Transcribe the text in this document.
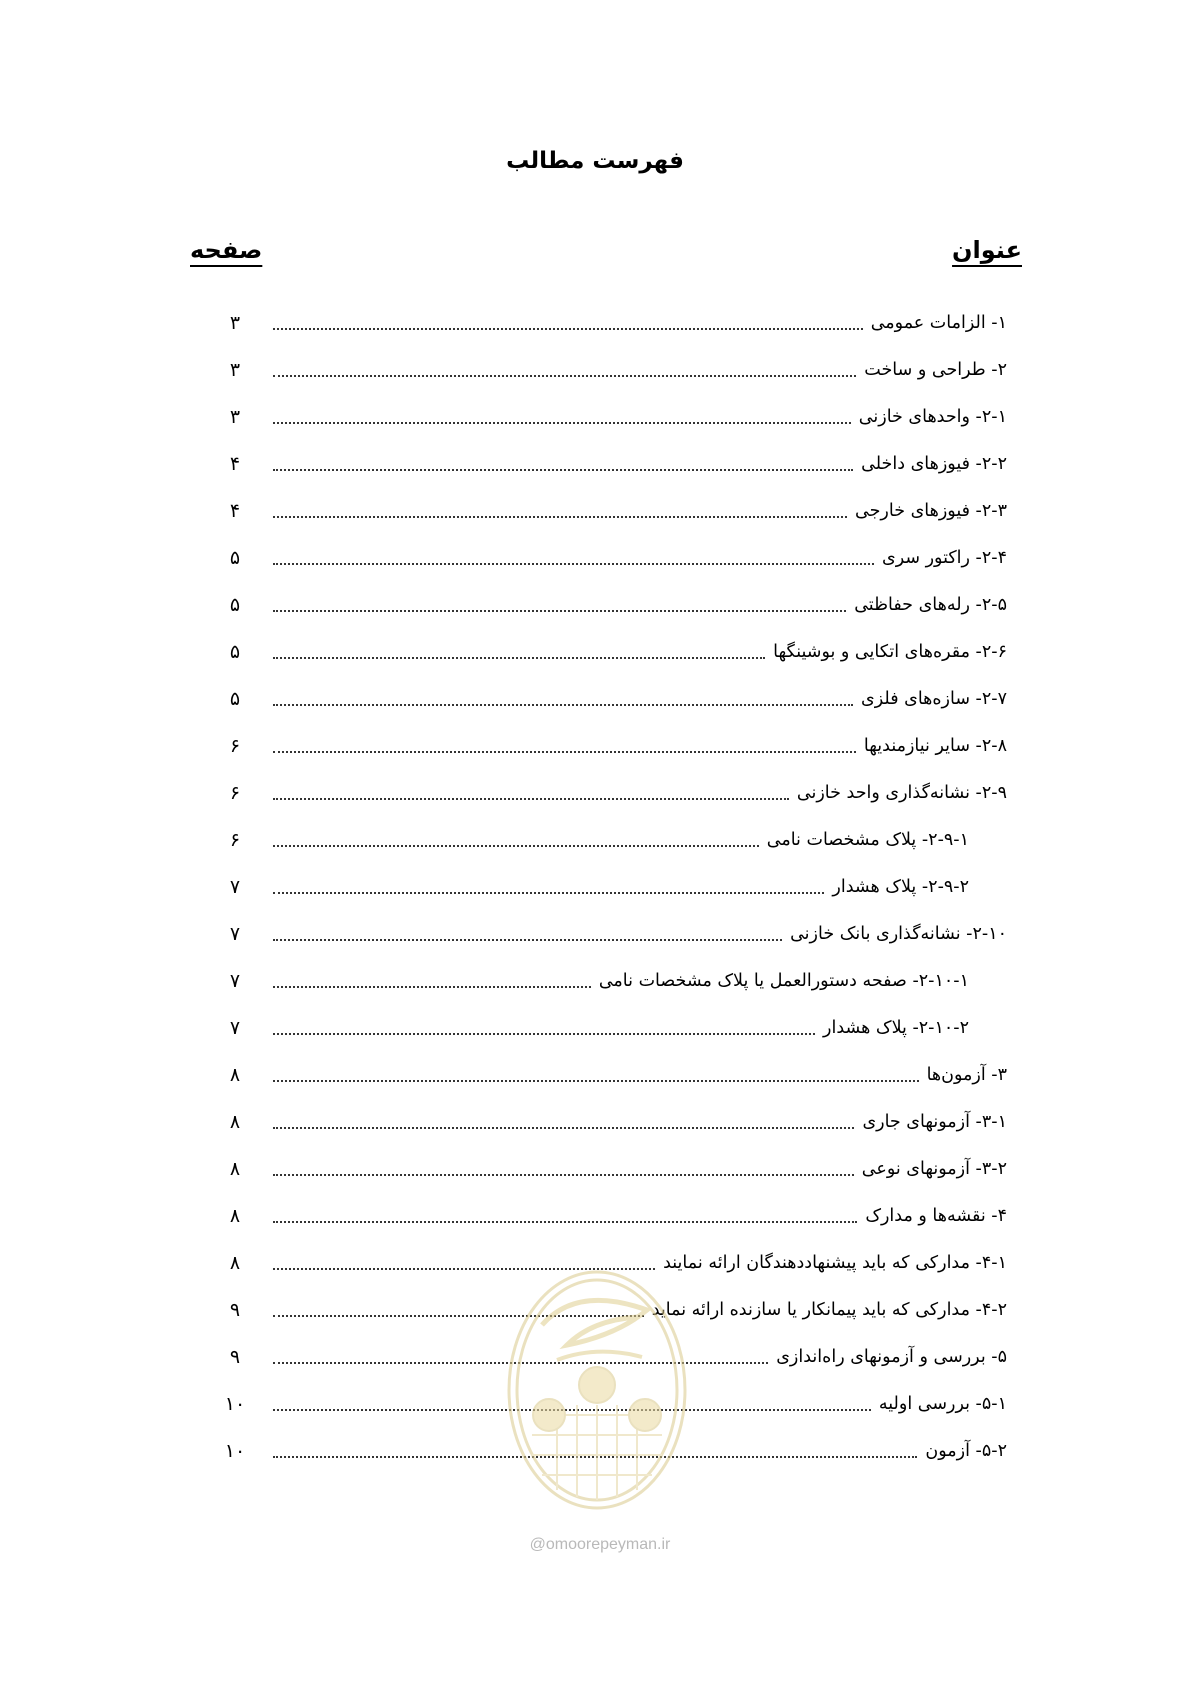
فهرست مطالب
عنوان
صفحه
۱- الزامات عمومی
۳
۲- طراحی و ساخت
۳
۲-۱- واحدهای خازنی
۳
۲-۲- فیوزهای داخلی
۴
۲-۳- فیوزهای خارجی
۴
۲-۴- راکتور سری
۵
۲-۵- رله‌های حفاظتی
۵
۲-۶- مقره‌های اتکایی و بوشینگها
۵
۲-۷- سازه‌های فلزی
۵
۲-۸- سایر نیازمندیها
۶
۲-۹- نشانه‌گذاری واحد خازنی
۶
۲-۹-۱- پلاک مشخصات نامی
۶
۲-۹-۲- پلاک هشدار
۷
۲-۱۰- نشانه‌گذاری بانک خازنی
۷
۲-۱۰-۱- صفحه دستورالعمل یا پلاک مشخصات نامی
۷
۲-۱۰-۲- پلاک هشدار
۷
۳- آزمون‌ها
۸
۳-۱- آزمونهای جاری
۸
۳-۲- آزمونهای نوعی
۸
۴- نقشه‌ها و مدارک
۸
۴-۱- مدارکی که باید پیشنهاددهندگان ارائه نمایند
۸
۴-۲- مدارکی که باید پیمانکار یا سازنده ارائه نماید
۹
۵- بررسی و آزمونهای راه‌اندازی
۹
۵-۱- بررسی اولیه
۱۰
۵-۲- آزمون
۱۰
@omoorepeyman.ir
